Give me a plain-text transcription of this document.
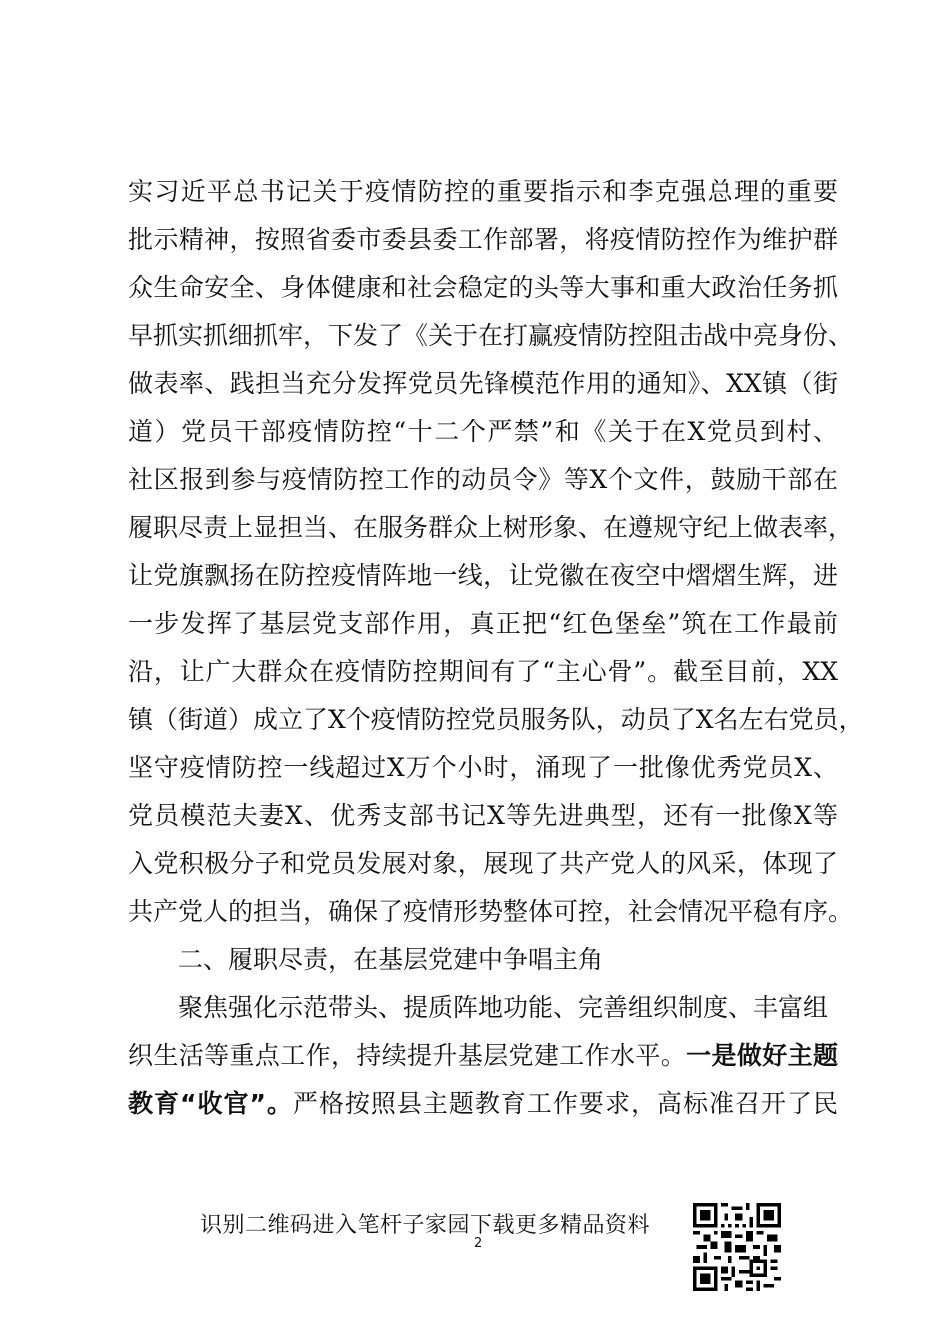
实习近平总书记关于疫情防控的重要指示和李克强总理的重要
批示精神，按照省委市委县委工作部署，将疫情防控作为维护群
众生命安全、身体健康和社会稳定的头等大事和重大政治任务抓
早抓实抓细抓牢，下发了《关于在打赢疫情防控阻击战中亮身份、
做表率、践担当充分发挥党员先锋模范作用的通知》、XX镇（街
道）党员干部疫情防控“十二个严禁”和《关于在X党员到村、
社区报到参与疫情防控工作的动员令》等X个文件，鼓励干部在
履职尽责上显担当、在服务群众上树形象、在遵规守纪上做表率，
让党旗飘扬在防控疫情阵地一线，让党徽在夜空中熠熠生辉，进
一步发挥了基层党支部作用，真正把“红色堡垒”筑在工作最前
沿，让广大群众在疫情防控期间有了“主心骨”。截至目前，XX
镇（街道）成立了X个疫情防控党员服务队，动员了X名左右党员，
坚守疫情防控一线超过X万个小时，涌现了一批像优秀党员X、
党员模范夫妻X、优秀支部书记X等先进典型，还有一批像X等
入党积极分子和党员发展对象，展现了共产党人的风采，体现了
共产党人的担当，确保了疫情形势整体可控，社会情况平稳有序。
二、履职尽责，在基层党建中争唱主角
聚焦强化示范带头、提质阵地功能、完善组织制度、丰富组
织生活等重点工作，持续提升基层党建工作水平。一是做好主题
教育“收官”。严格按照县主题教育工作要求，高标准召开了民
识别二维码进入笔杆子家园下载更多精品资料
2
